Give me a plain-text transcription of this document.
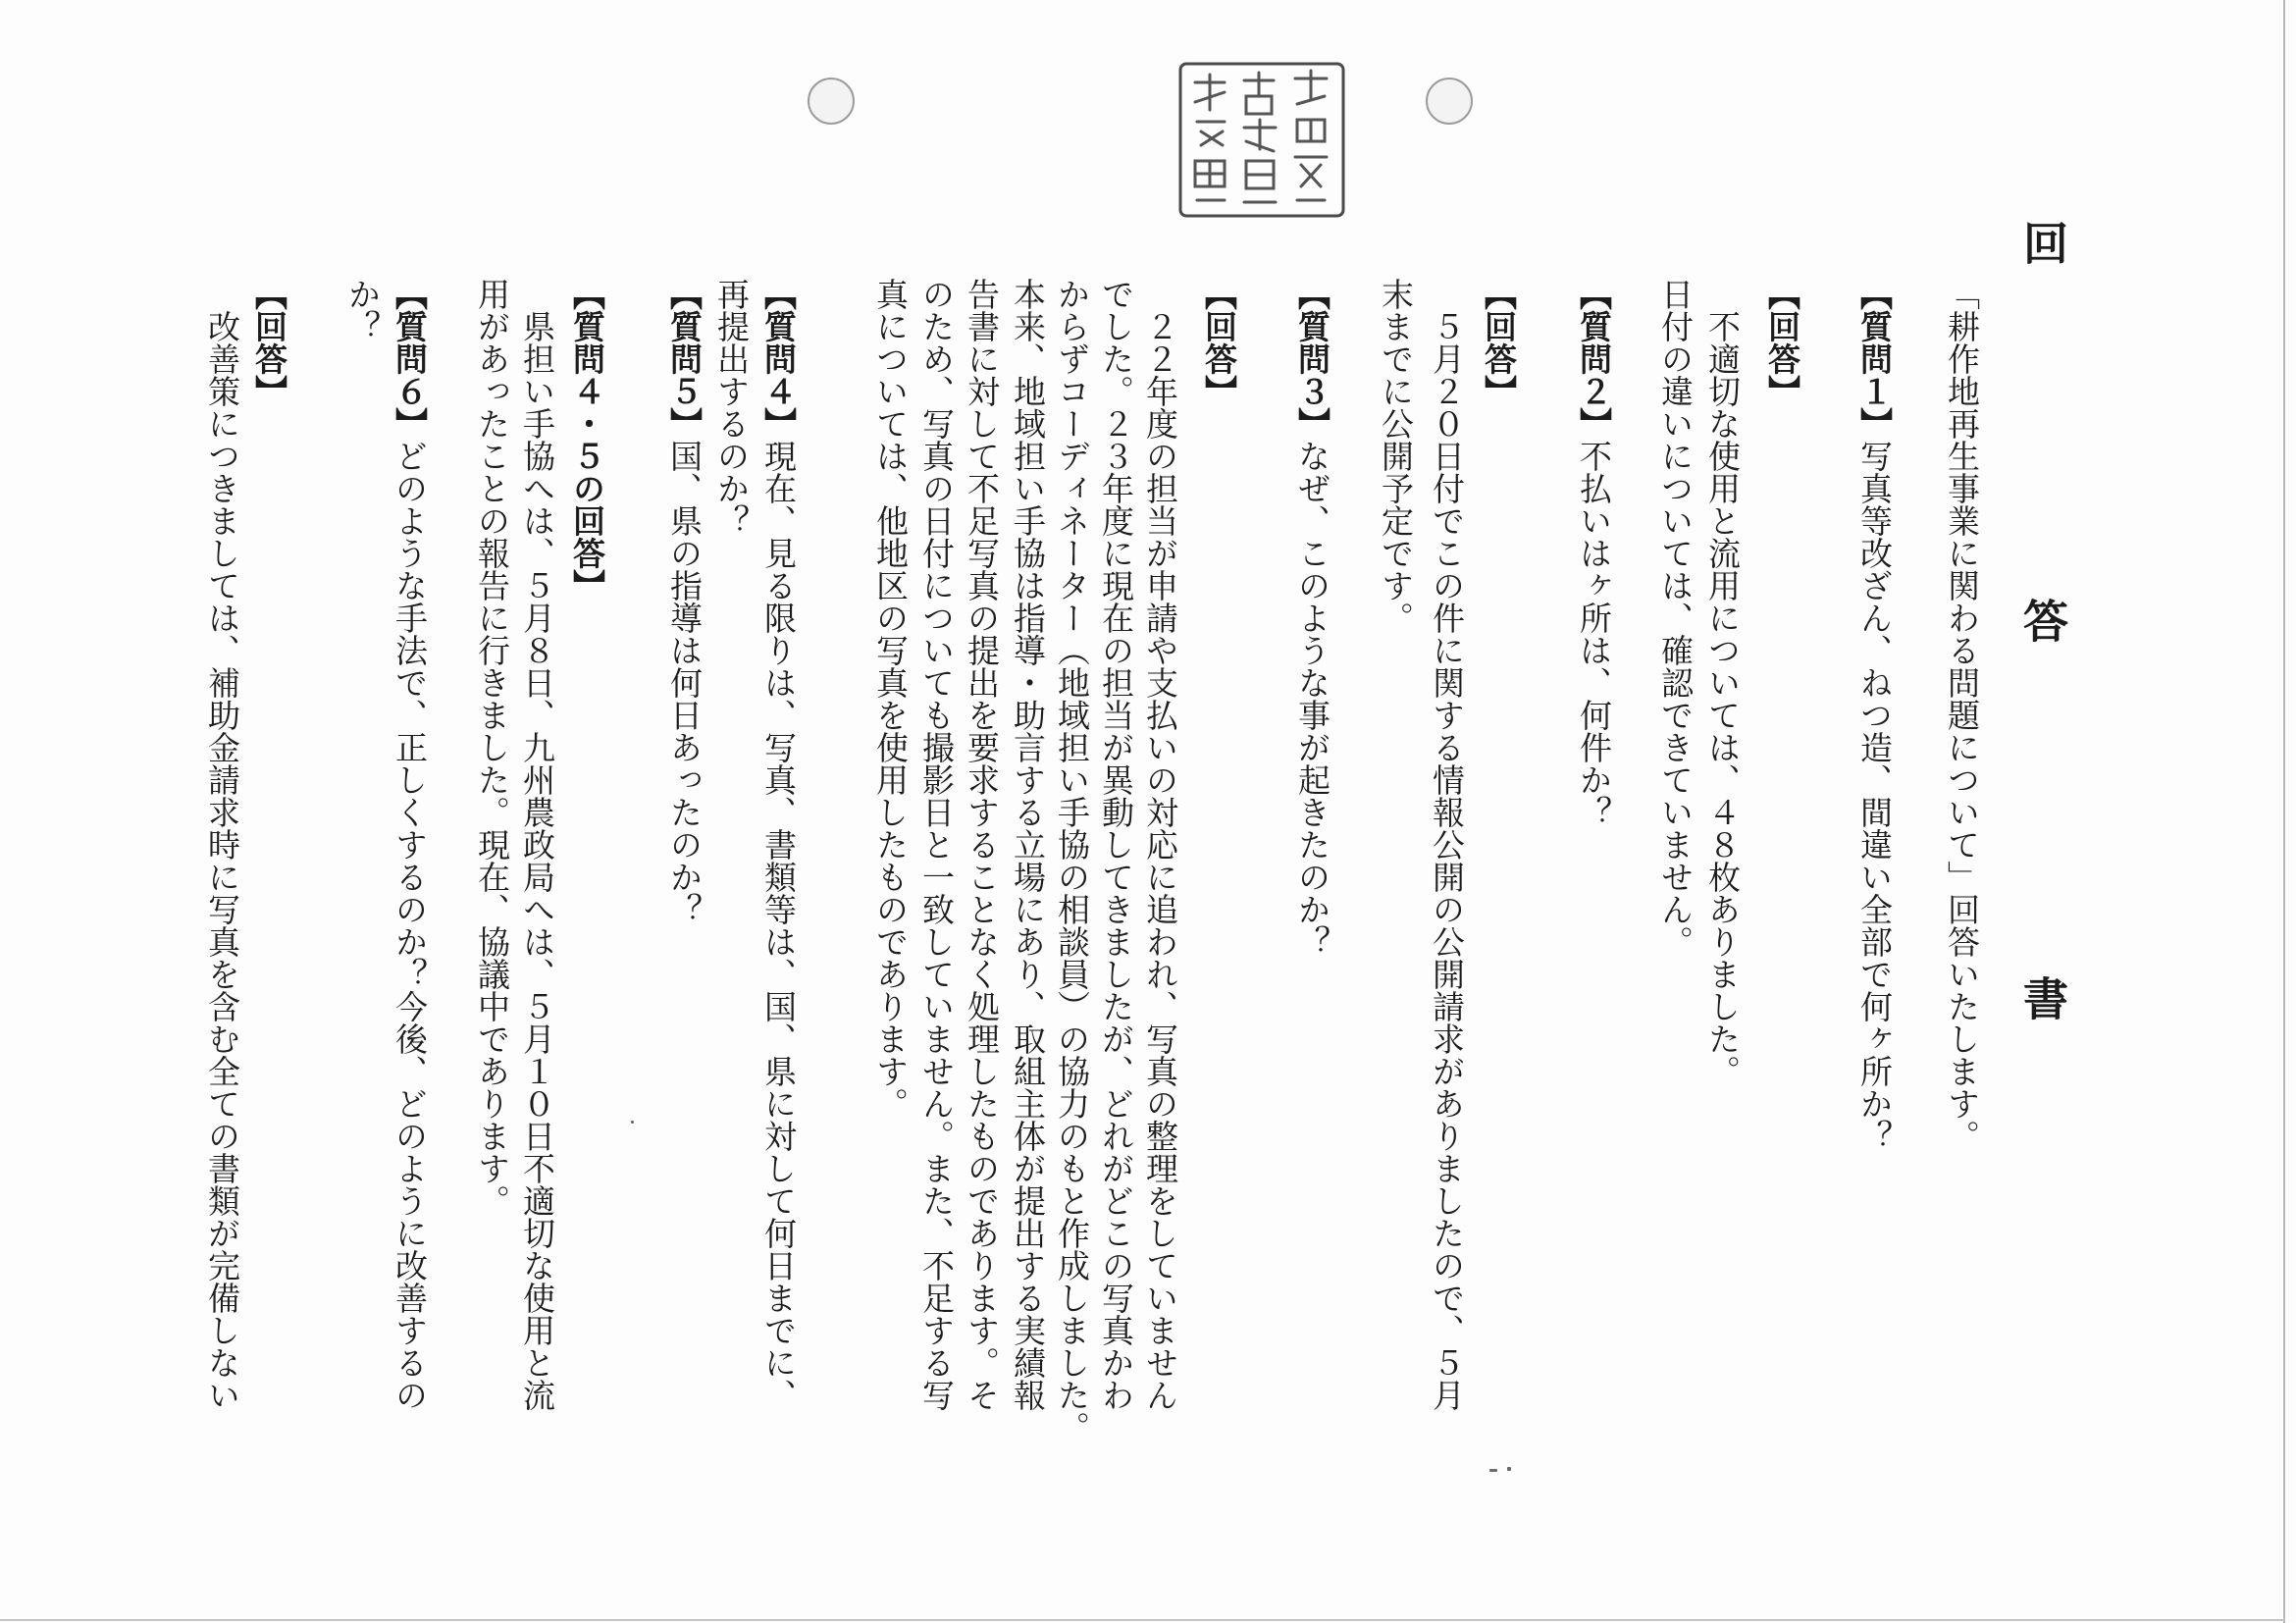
回答書
「耕作地再生事業に関わる問題について」回答いたします。
【質問１】写真等改ざん、ねつ造、間違い全部で何ヶ所か？
【回答】
　不適切な使用と流用については、４８枚ありました。
日付の違いについては、確認できていません。
【質問２】不払いはヶ所は、何件か？
【回答】
　５月２０日付でこの件に関する情報公開の公開請求がありましたので、５月
末までに公開予定です。
【質問３】なぜ、このような事が起きたのか？
【回答】
　２２年度の担当が申請や支払いの対応に追われ、写真の整理をしていません
でした。２３年度に現在の担当が異動してきましたが、どれがどこの写真かわ
からずコーディネーター（地域担い手協の相談員）の協力のもと作成しました。
本来、地域担い手協は指導・助言する立場にあり、取組主体が提出する実績報
告書に対して不足写真の提出を要求することなく処理したものであります。そ
のため、写真の日付についても撮影日と一致していません。また、不足する写
真については、他地区の写真を使用したものであります。
【質問４】現在、見る限りは、写真、書類等は、国、県に対して何日までに、
再提出するのか？
【質問５】国、県の指導は何日あったのか？
【質問４・５の回答】
　県担い手協へは、５月８日、九州農政局へは、５月１０日不適切な使用と流
用があったことの報告に行きました。現在、協議中であります。
【質問６】どのような手法で、正しくするのか？今後、どのように改善するの
か？
【回答】
　改善策につきましては、補助金請求時に写真を含む全ての書類が完備しない
